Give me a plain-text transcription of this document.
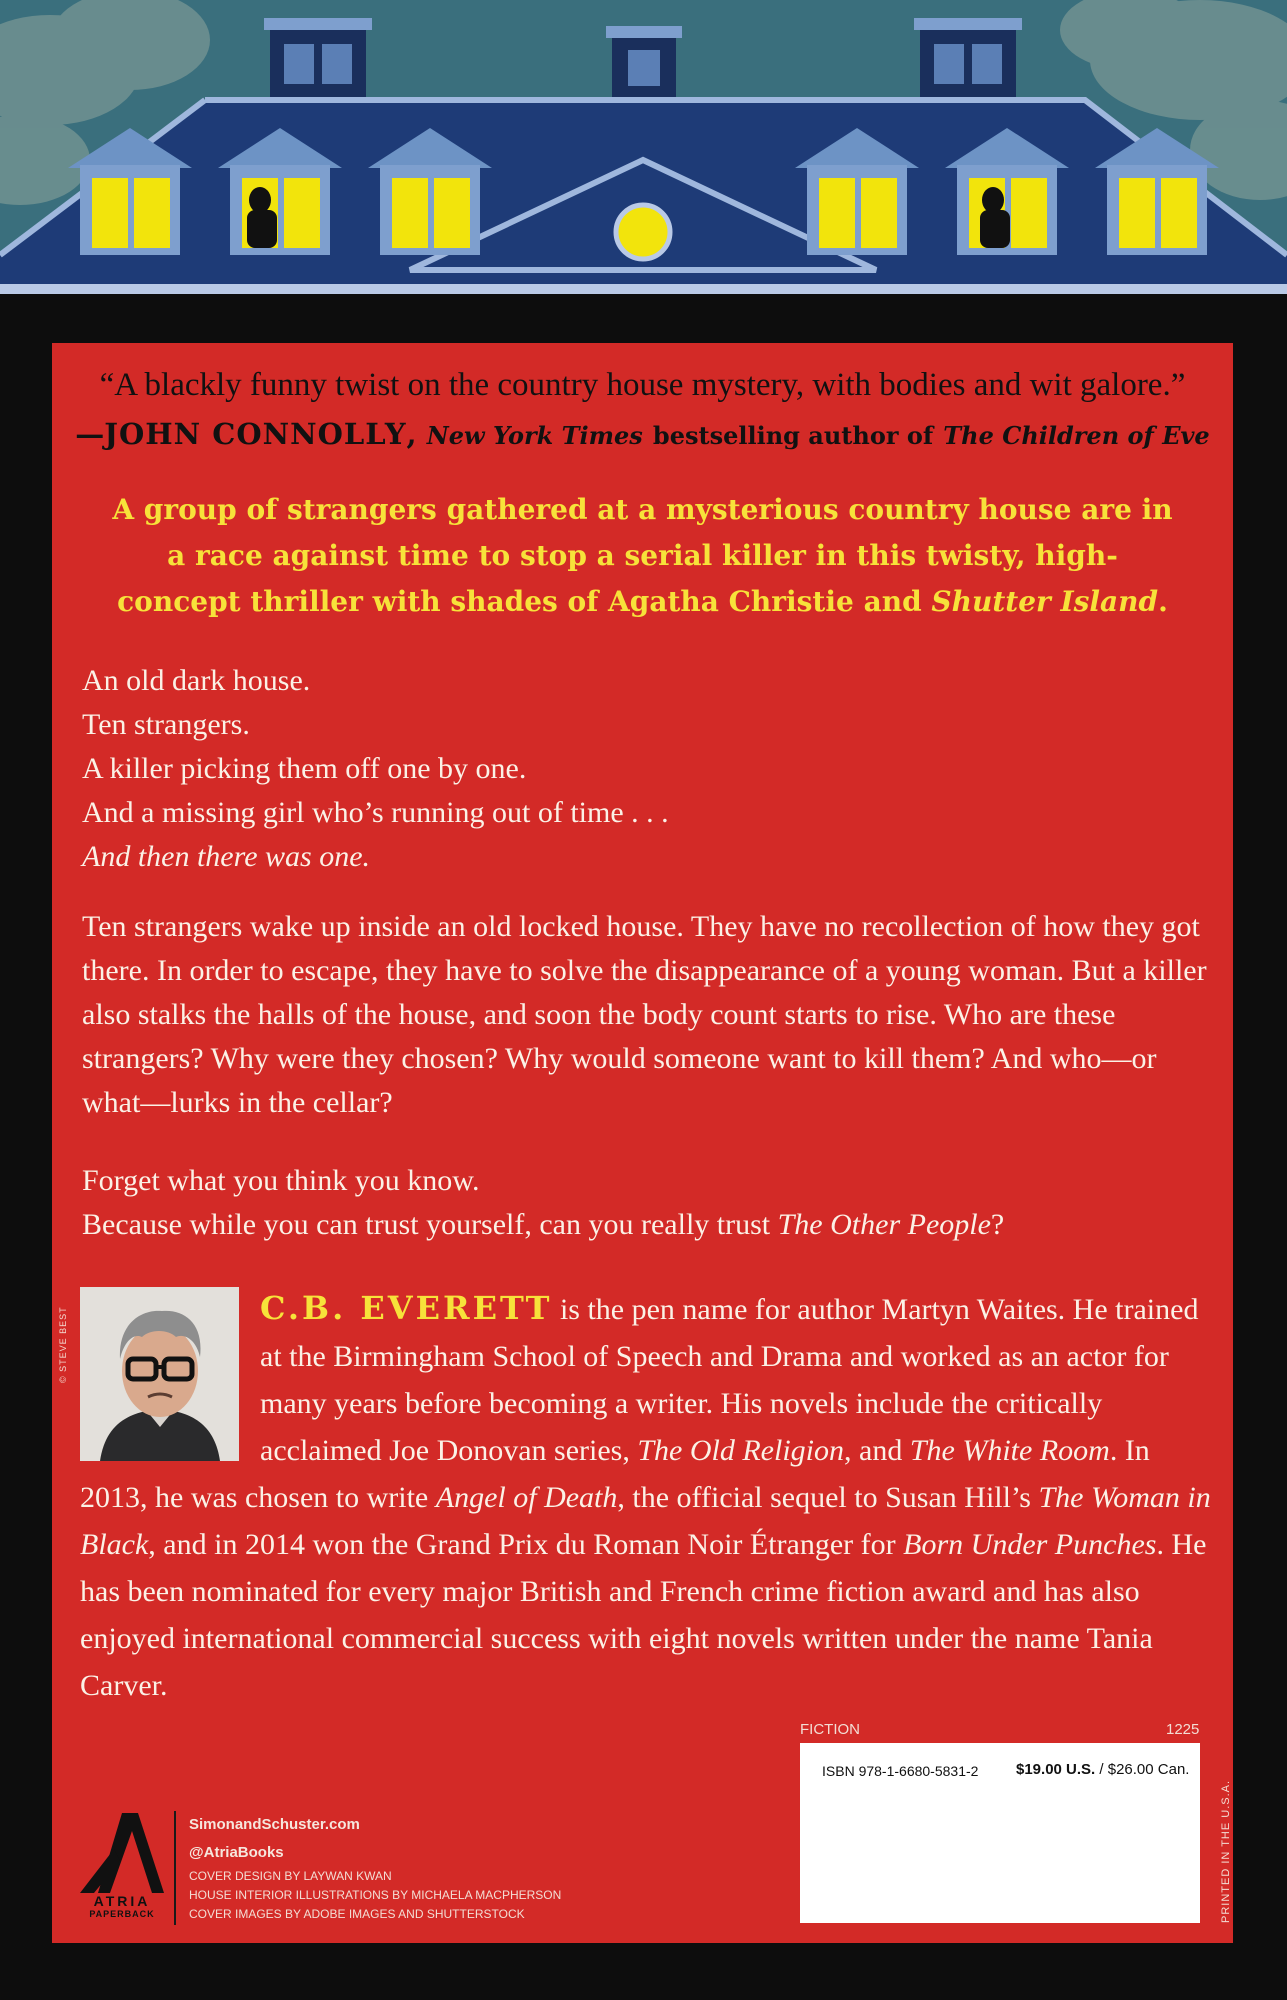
“A blackly funny twist on the country house mystery, with bodies and wit galore.”
—JOHN CONNOLLY, New York Times bestselling author of The Children of Eve
A group of strangers gathered at a mysterious country house are in a race against time to stop a serial killer in this twisty, high-concept thriller with shades of Agatha Christie and Shutter Island.
An old dark house.
Ten strangers.
A killer picking them off one by one.
And a missing girl who’s running out of time . . .
And then there was one.
Ten strangers wake up inside an old locked house. They have no recollection of how they got there. In order to escape, they have to solve the disappearance of a young woman. But a killer also stalks the halls of the house, and soon the body count starts to rise. Who are these strangers? Why were they chosen? Why would someone want to kill them? And who—or what—lurks in the cellar?
Forget what you think you know.
Because while you can trust yourself, can you really trust The Other People?
© STEVE BEST	C.B. EVERETT is the pen name for author Martyn Waites. He trained at the Birmingham School of Speech and Drama and worked as an actor for many years before becoming a writer. His novels include the critically acclaimed Joe Donovan series, The Old Religion, and The White Room. In 2013, he was chosen to write Angel of Death, the official sequel to Susan Hill’s The Woman in Black, and in 2014 won the Grand Prix du Roman Noir Étranger for Born Under Punches. He has been nominated for every major British and French crime fiction award and has also enjoyed international commercial success with eight novels written under the name Tania Carver.
FICTION	1225
ISBN 978-1-6680-5831-2	$19.00 U.S. / $26.00 Can.
PRINTED IN THE U.S.A.
ATRIA
PAPERBACK
SimonandSchuster.com
@AtriaBooks
COVER DESIGN BY LAYWAN KWAN
HOUSE INTERIOR ILLUSTRATIONS BY MICHAELA MACPHERSON
COVER IMAGES BY ADOBE IMAGES AND SHUTTERSTOCK
